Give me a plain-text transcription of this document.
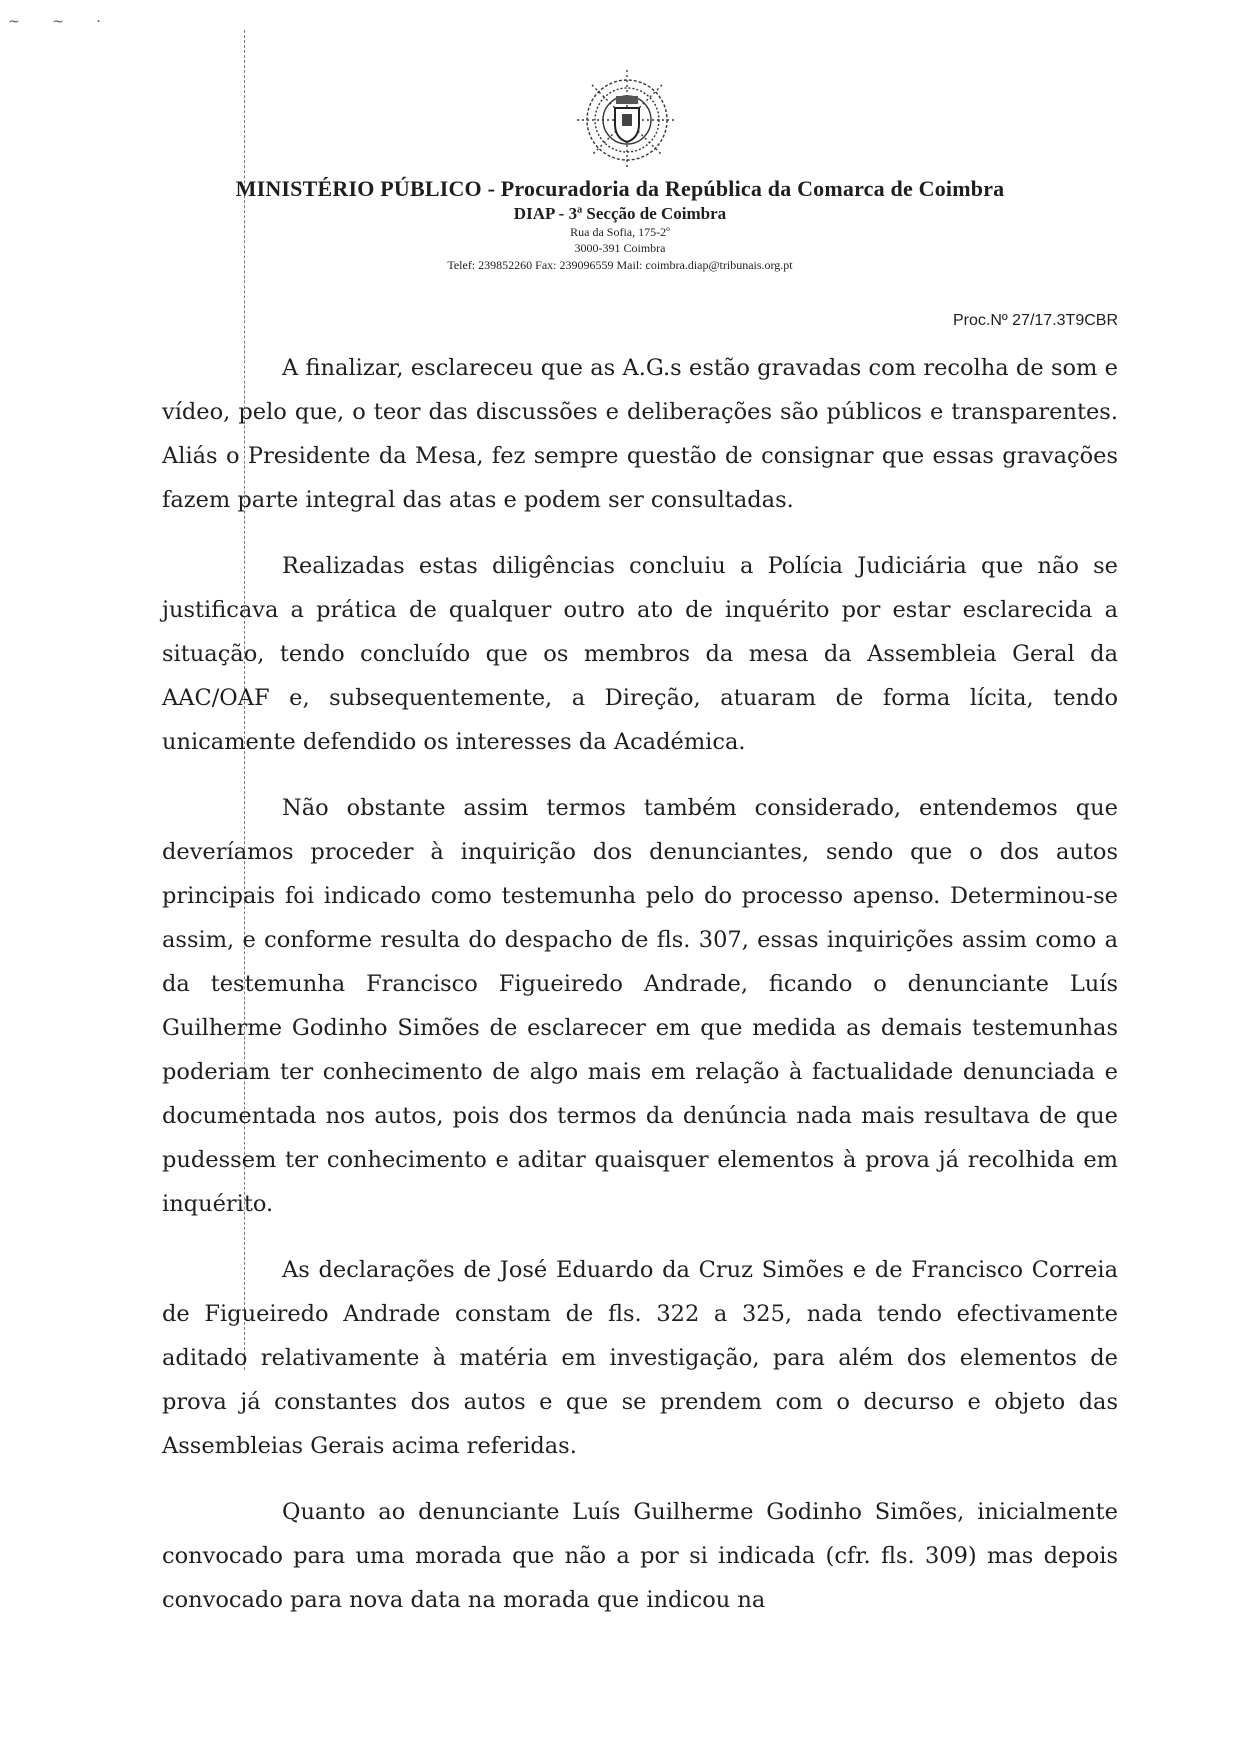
~ ~ ·
MINISTÉRIO PÚBLICO - Procuradoria da República da Comarca de Coimbra
DIAP - 3ª Secção de Coimbra
Rua da Sofia, 175-2º
3000-391 Coimbra
Telef: 239852260 Fax: 239096559 Mail: coimbra.diap@tribunais.org.pt
Proc.Nº 27/17.3T9CBR

A finalizar, esclareceu que as A.G.s estão gravadas com recolha de som e vídeo, pelo que, o teor das discussões e deliberações são públicos e transparentes. Aliás o Presidente da Mesa, fez sempre questão de consignar que essas gravações fazem parte integral das atas e podem ser consultadas.

Realizadas estas diligências concluiu a Polícia Judiciária que não se justificava a prática de qualquer outro ato de inquérito por estar esclarecida a situação, tendo concluído que os membros da mesa da Assembleia Geral da AAC/OAF e, subsequentemente, a Direção, atuaram de forma lícita, tendo unicamente defendido os interesses da Académica.

Não obstante assim termos também considerado, entendemos que deveríamos proceder à inquirição dos denunciantes, sendo que o dos autos principais foi indicado como testemunha pelo do processo apenso. Determinou-se assim, e conforme resulta do despacho de fls. 307, essas inquirições assim como a da testemunha Francisco Figueiredo Andrade, ficando o denunciante Luís Guilherme Godinho Simões de esclarecer em que medida as demais testemunhas poderiam ter conhecimento de algo mais em relação à factualidade denunciada e documentada nos autos, pois dos termos da denúncia nada mais resultava de que pudessem ter conhecimento e aditar quaisquer elementos à prova já recolhida em inquérito.

As declarações de José Eduardo da Cruz Simões e de Francisco Correia de Figueiredo Andrade constam de fls. 322 a 325, nada tendo efectivamente aditado relativamente à matéria em investigação, para além dos elementos de prova já constantes dos autos e que se prendem com o decurso e objeto das Assembleias Gerais acima referidas.

Quanto ao denunciante Luís Guilherme Godinho Simões, inicialmente convocado para uma morada que não a por si indicada (cfr. fls. 309) mas depois convocado para nova data na morada que indicou na
